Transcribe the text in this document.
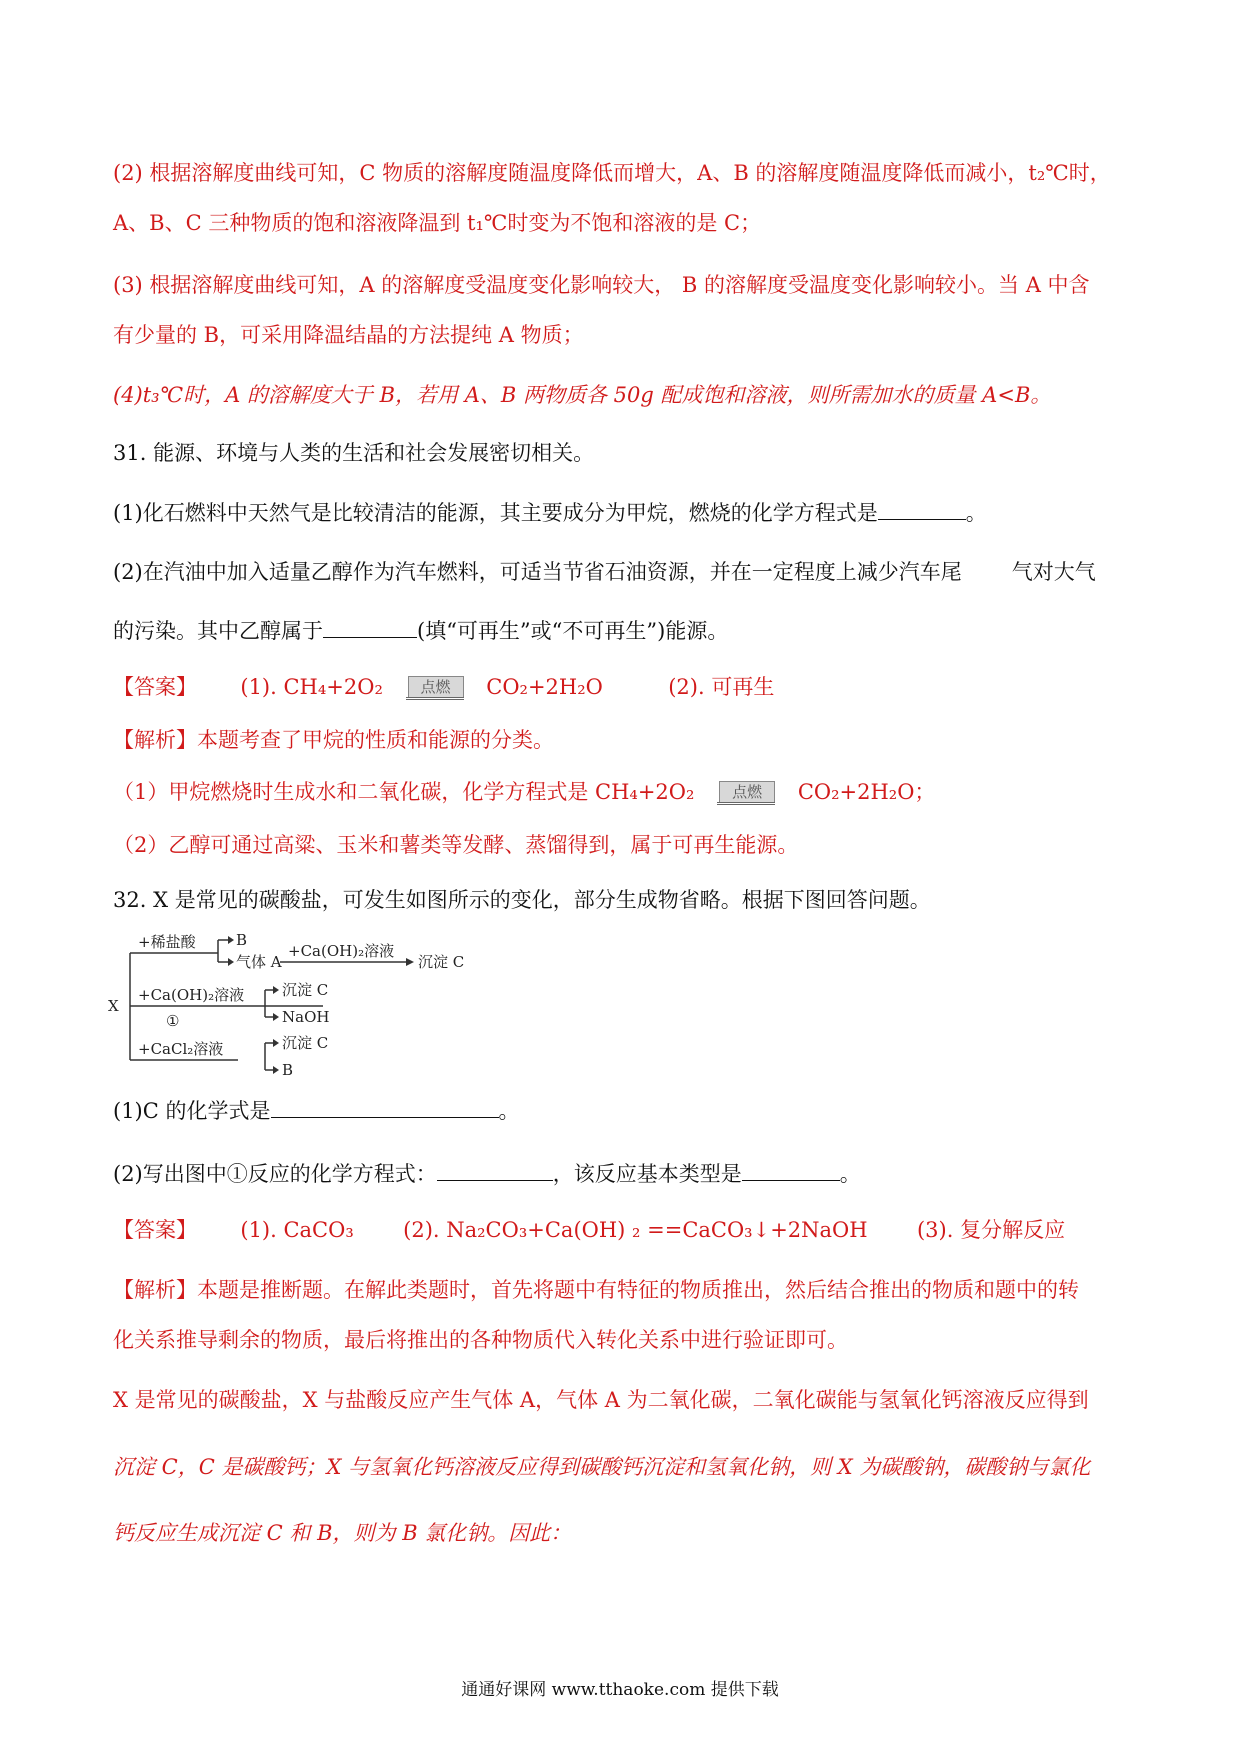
(2) 根据溶解度曲线可知，C 物质的溶解度随温度降低而增大，A、B 的溶解度随温度降低而减小，t₂℃时，
A、B、C 三种物质的饱和溶液降温到 t₁℃时变为不饱和溶液的是 C；
(3) 根据溶解度曲线可知，A 的溶解度受温度变化影响较大， B 的溶解度受温度变化影响较小。当 A 中含
有少量的 B，可采用降温结晶的方法提纯 A 物质；
(4)t₃℃时，A 的溶解度大于 B，若用 A、B 两物质各 50g 配成饱和溶液，则所需加水的质量 A<B。
31. 能源、环境与人类的生活和社会发展密切相关。
(1)化石燃料中天然气是比较清洁的能源，其主要成分为甲烷，燃烧的化学方程式是	。
(2)在汽油中加入适量乙醇作为汽车燃料，可适当节省石油资源，并在一定程度上减少汽车尾 气对大气
的污染。其中乙醇属于	(填“可再生”或“不可再生”)能源。
【答案】 (1). CH₄+2O₂	点燃	CO₂+2H₂O	(2). 可再生
【解析】本题考查了甲烷的性质和能源的分类。
（1）甲烷燃烧时生成水和二氧化碳，化学方程式是 CH₄+2O₂	点燃	CO₂+2H₂O；
（2）乙醇可通过高粱、玉米和薯类等发酵、蒸馏得到，属于可再生能源。
32. X 是常见的碳酸盐，可发生如图所示的变化，部分生成物省略。根据下图回答问题。
X
+稀盐酸	B
气体 A
+Ca(OH)₂溶液
沉淀 C
+Ca(OH)₂溶液
①
沉淀 C
NaOH
+CaCl₂溶液	沉淀 C
B
(1)C 的化学式是	。
(2)写出图中①反应的化学方程式：	，该反应基本类型是	。
【答案】 (1). CaCO₃ (2). Na₂CO₃+Ca(OH) ₂ ==CaCO₃↓+2NaOH (3). 复分解反应
【解析】本题是推断题。在解此类题时，首先将题中有特征的物质推出，然后结合推出的物质和题中的转
化关系推导剩余的物质，最后将推出的各种物质代入转化关系中进行验证即可。
X 是常见的碳酸盐，X 与盐酸反应产生气体 A，气体 A 为二氧化碳，二氧化碳能与氢氧化钙溶液反应得到
沉淀 C，C 是碳酸钙；X 与氢氧化钙溶液反应得到碳酸钙沉淀和氢氧化钠，则 X 为碳酸钠，碳酸钠与氯化
钙反应生成沉淀 C 和 B，则为 B 氯化钠。因此：
通通好课网 www.tthaoke.com 提供下载
